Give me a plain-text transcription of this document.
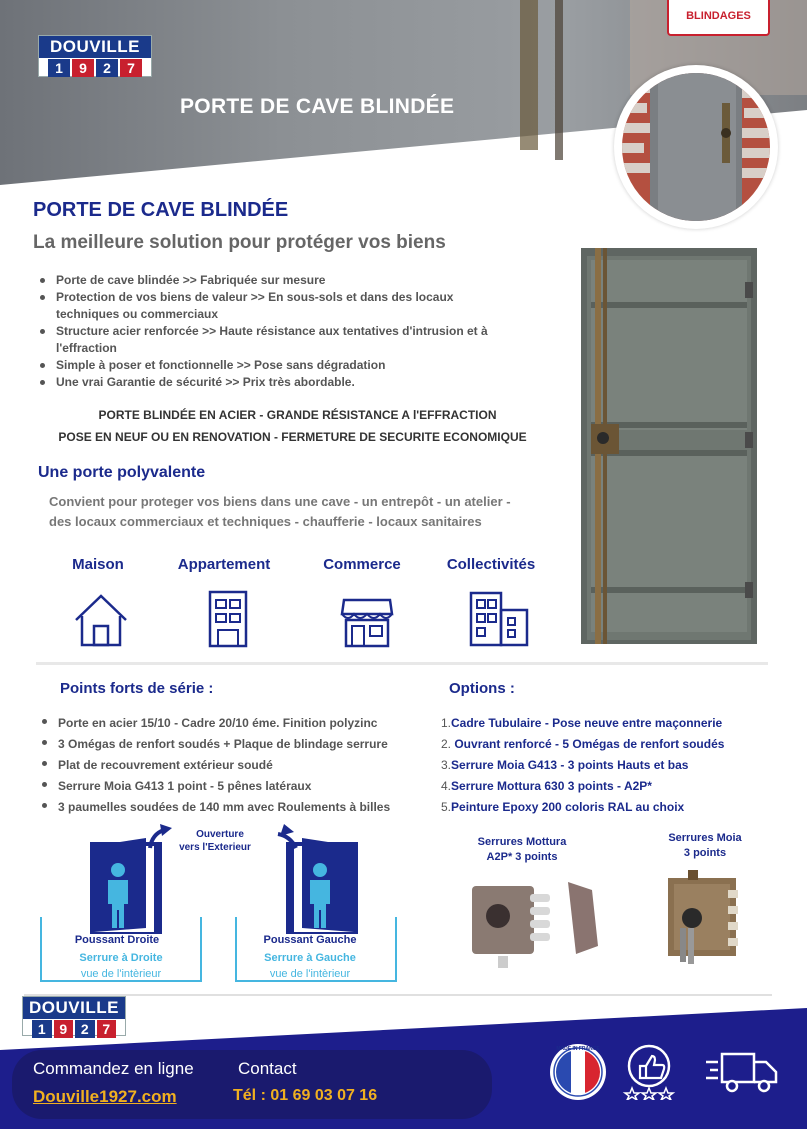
DOUVILLE
1	9	2	7
BLINDAGES
PORTE DE CAVE BLINDÉE
PORTE DE CAVE BLINDÉE
La meilleure solution pour protéger vos biens
Porte de cave blindée >> Fabriquée sur mesure
Protection de vos biens de valeur >> En sous-sols et dans des locaux techniques ou commerciaux
Structure acier renforcée >> Haute résistance aux tentatives d'intrusion et à l'effraction
Simple à poser et fonctionnelle >> Pose sans dégradation
Une vrai Garantie de sécurité >> Prix très abordable.
PORTE BLINDÉE EN ACIER - GRANDE RÉSISTANCE A l'EFFRACTION
POSE EN NEUF OU EN RENOVATION - FERMETURE DE SECURITE ECONOMIQUE
Une porte polyvalente
Convient pour proteger vos biens dans une cave - un entrepôt - un atelier -
des locaux commerciaux et techniques - chaufferie - locaux sanitaires
Maison	Appartement	Commerce	Collectivités
Points forts de série :
Porte en acier 15/10 - Cadre 20/10 éme. Finition polyzinc
3 Omégas de renfort soudés + Plaque de blindage serrure
Plat de recouvrement extérieur soudé
Serrure Moia G413 1 point - 5 pênes latéraux
3 paumelles soudées de 140 mm avec Roulements à billes
Options :
1.Cadre Tubulaire - Pose neuve entre maçonnerie
2. Ouvrant renforcé - 5 Omégas de renfort soudés
3.Serrure Moia G413 - 3 points Hauts et bas
4.Serrure Mottura 630 3 points - A2P*
5.Peinture Epoxy 200 coloris RAL au choix
Ouverture
vers l'Exterieur
Poussant Droite
Serrure à Droite
vue de l'intèrieur
Poussant Gauche
Serrure à Gauche
vue de l'intèrieur
Serrures Mottura
A2P* 3 points
Serrures Moia
3 points
DOUVILLE
1 9 2 7
Commandez en ligne	Contact
Douville1927.com	Tél : 01 69 03 07 16
MADE IN FRANCE
